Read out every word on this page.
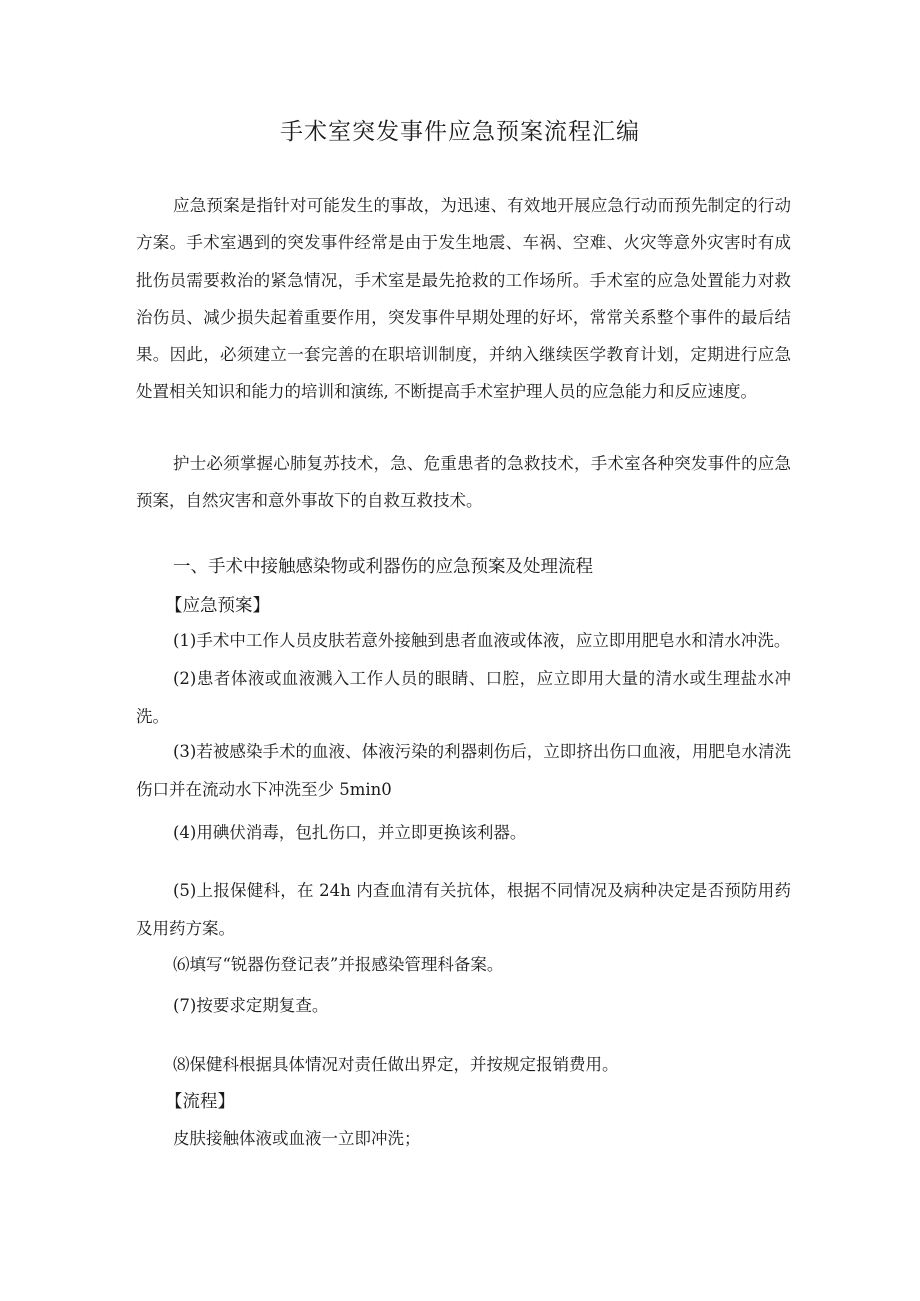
手术室突发事件应急预案流程汇编

应急预案是指针对可能发生的事故，为迅速、有效地开展应急行动而预先制定的行动方案。手术室遇到的突发事件经常是由于发生地震、车祸、空难、火灾等意外灾害时有成批伤员需要救治的紧急情况，手术室是最先抢救的工作场所。手术室的应急处置能力对救治伤员、减少损失起着重要作用，突发事件早期处理的好坏，常常关系整个事件的最后结果。因此，必须建立一套完善的在职培训制度，并纳入继续医学教育计划，定期进行应急处置相关知识和能力的培训和演练, 不断提高手术室护理人员的应急能力和反应速度。

护士必须掌握心肺复苏技术，急、危重患者的急救技术，手术室各种突发事件的应急预案，自然灾害和意外事故下的自救互救技术。

一、手术中接触感染物或利器伤的应急预案及处理流程

【应急预案】

(1)手术中工作人员皮肤若意外接触到患者血液或体液，应立即用肥皂水和清水冲洗。

(2)患者体液或血液溅入工作人员的眼睛、口腔，应立即用大量的清水或生理盐水冲洗。

(3)若被感染手术的血液、体液污染的利器刺伤后，立即挤出伤口血液，用肥皂水清洗伤口并在流动水下冲洗至少 5min0

(4)用碘伏消毒，包扎伤口，并立即更换该利器。

(5)上报保健科，在 24h 内查血清有关抗体，根据不同情况及病种决定是否预防用药及用药方案。

⑹填写“锐器伤登记表”并报感染管理科备案。

(7)按要求定期复查。

⑻保健科根据具体情况对责任做出界定，并按规定报销费用。

【流程】

皮肤接触体液或血液一立即冲洗；
